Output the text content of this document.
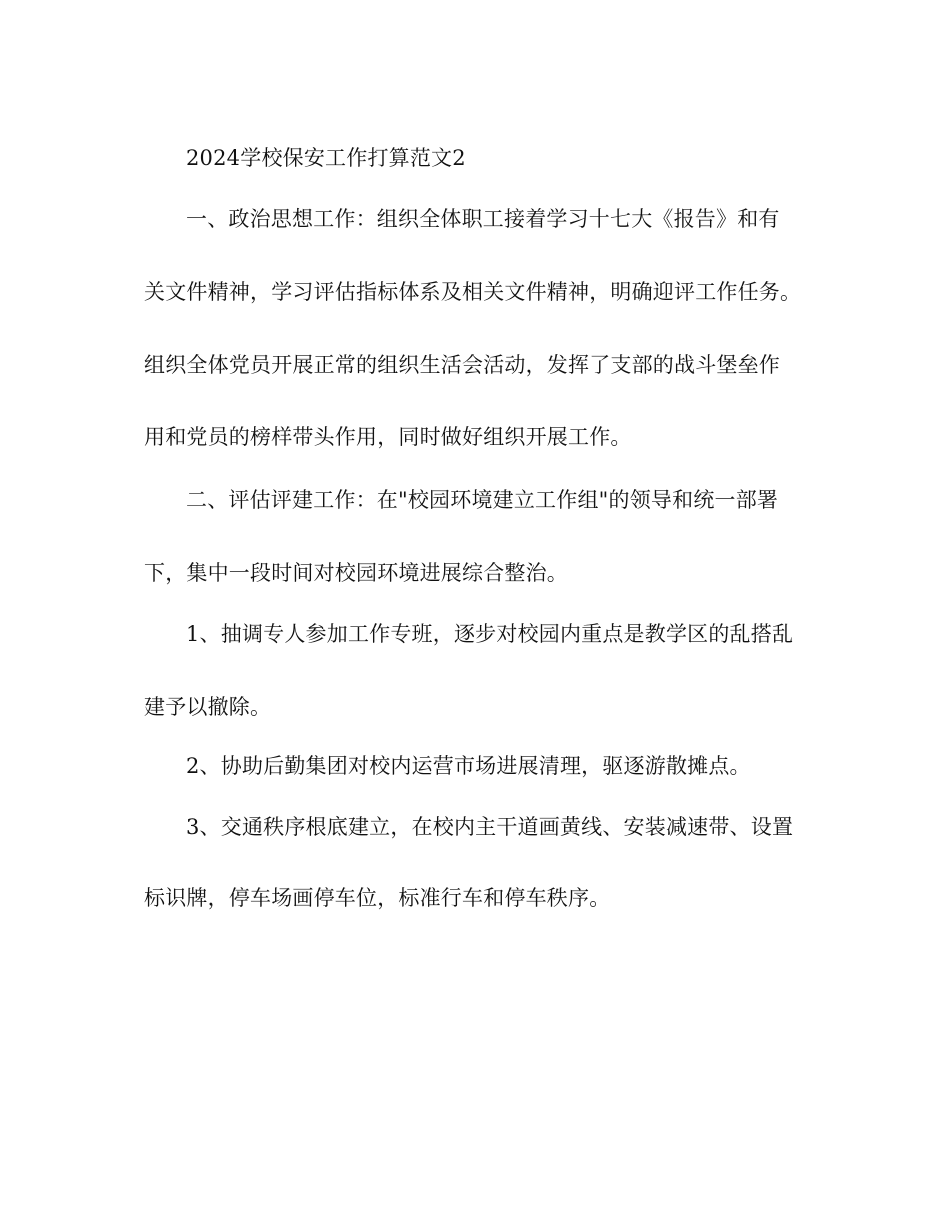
2024学校保安工作打算范文2
一、政治思想工作：组织全体职工接着学习十七大《报告》和有
关文件精神，学习评估指标体系及相关文件精神，明确迎评工作任务。
组织全体党员开展正常的组织生活会活动，发挥了支部的战斗堡垒作
用和党员的榜样带头作用，同时做好组织开展工作。
二、评估评建工作：在"校园环境建立工作组"的领导和统一部署
下，集中一段时间对校园环境进展综合整治。
1、抽调专人参加工作专班，逐步对校园内重点是教学区的乱搭乱
建予以撤除。
2、协助后勤集团对校内运营市场进展清理，驱逐游散摊点。
3、交通秩序根底建立，在校内主干道画黄线、安装减速带、设置
标识牌，停车场画停车位，标准行车和停车秩序。
